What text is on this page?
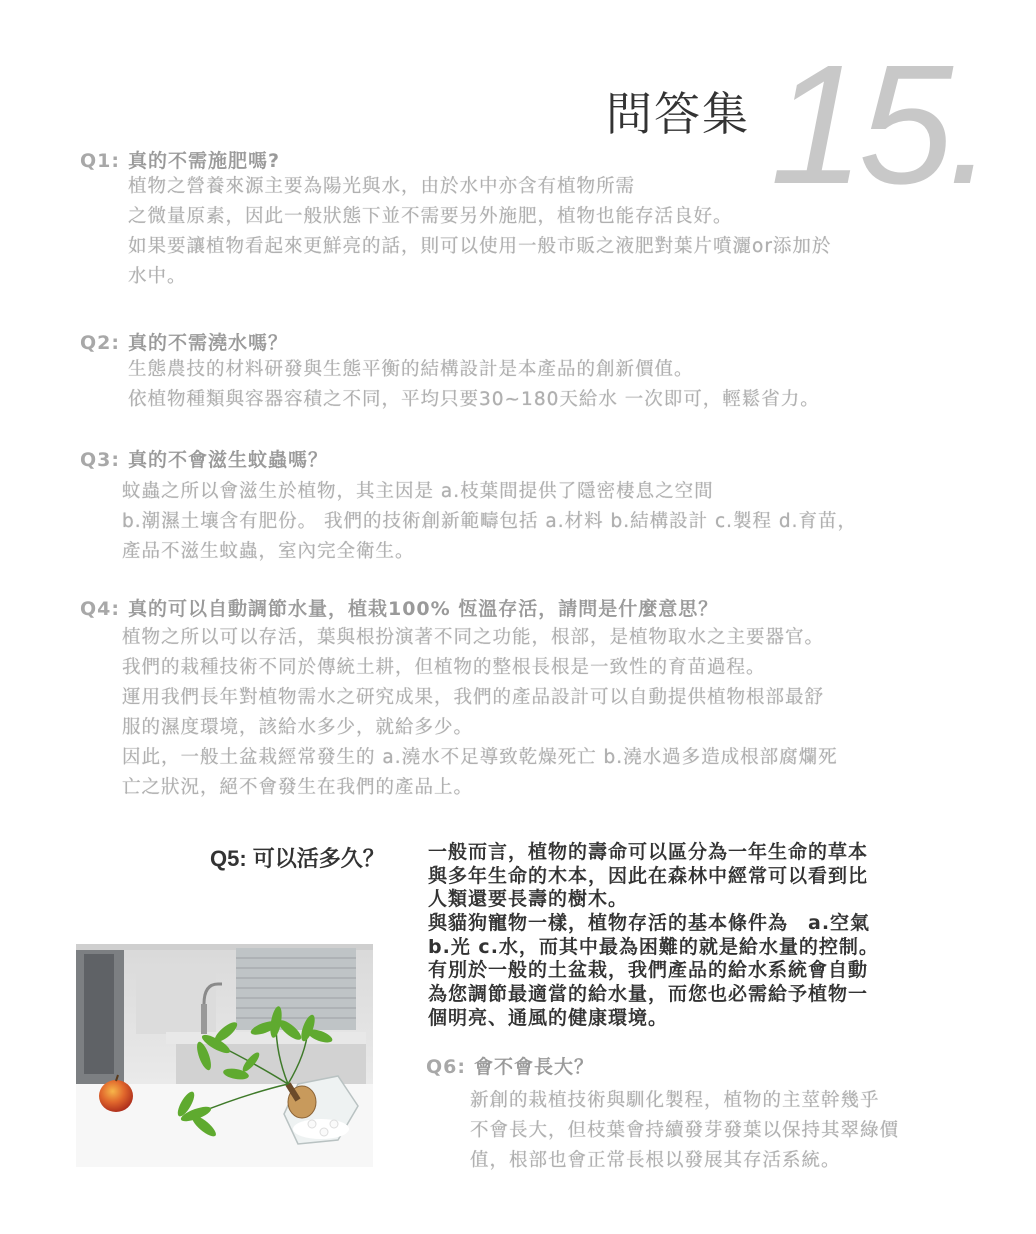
問答集 15.
Q1: 真的不需施肥嗎?
植物之營養來源主要為陽光與水，由於水中亦含有植物所需
之微量原素，因此一般狀態下並不需要另外施肥，植物也能存活良好。
如果要讓植物看起來更鮮亮的話，則可以使用一般市販之液肥對葉片噴灑or添加於
水中。
Q2: 真的不需澆水嗎？
生態農技的材料研發與生態平衡的結構設計是本產品的創新價值。
依植物種類與容器容積之不同，平均只要30~180天給水 一次即可，輕鬆省力。
Q3: 真的不會滋生蚊蟲嗎？
蚊蟲之所以會滋生於植物，其主因是 a.枝葉間提供了隱密棲息之空間
b.潮濕土壤含有肥份。 我們的技術創新範疇包括 a.材料 b.結構設計 c.製程 d.育苗，
產品不滋生蚊蟲，室內完全衛生。
Q4: 真的可以自動調節水量，植栽100% 恆溫存活，請問是什麼意思？
植物之所以可以存活，葉與根扮演著不同之功能，根部，是植物取水之主要器官。
我們的栽種技術不同於傳統土耕，但植物的整根長根是一致性的育苗過程。
運用我們長年對植物需水之研究成果，我們的產品設計可以自動提供植物根部最舒
服的濕度環境，該給水多少，就給多少。
因此，一般土盆栽經常發生的 a.澆水不足導致乾燥死亡 b.澆水過多造成根部腐爛死
亡之狀況，絕不會發生在我們的產品上。
Q5: 可以活多久？ 一般而言，植物的壽命可以區分為一年生命的草本
與多年生命的木本，因此在森林中經常可以看到比
人類還要長壽的樹木。
與貓狗寵物一樣，植物存活的基本條件為　a.空氣
b.光 c.水，而其中最為困難的就是給水量的控制。
有別於一般的土盆栽，我們產品的給水系統會自動
為您調節最適當的給水量，而您也必需給予植物一
個明亮、通風的健康環境。
Q6: 會不會長大？
新創的栽植技術與馴化製程，植物的主莖幹幾乎
不會長大，但枝葉會持續發芽發葉以保持其翠綠價
值，根部也會正常長根以發展其存活系統。
